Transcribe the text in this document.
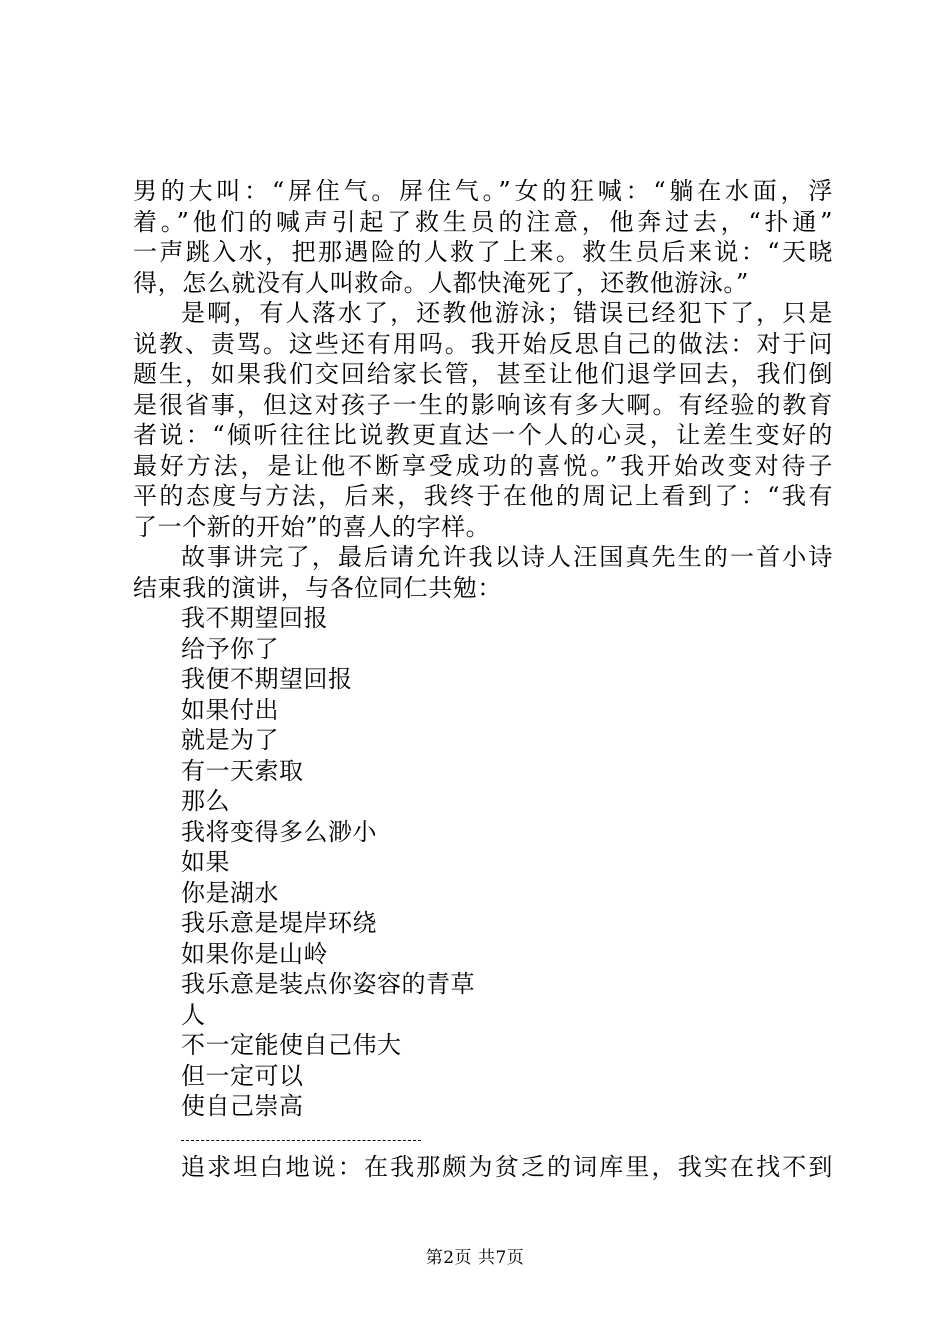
男的大叫：“屏住气。屏住气。”女的狂喊：“躺在水面，浮
着。”他们的喊声引起了救生员的注意，他奔过去，“扑通”
一声跳入水，把那遇险的人救了上来。救生员后来说：“天晓
得，怎么就没有人叫救命。人都快淹死了，还教他游泳。”
是啊，有人落水了，还教他游泳；错误已经犯下了，只是
说教、责骂。这些还有用吗。我开始反思自己的做法：对于问
题生，如果我们交回给家长管，甚至让他们退学回去，我们倒
是很省事，但这对孩子一生的影响该有多大啊。有经验的教育
者说：“倾听往往比说教更直达一个人的心灵，让差生变好的
最好方法，是让他不断享受成功的喜悦。”我开始改变对待子
平的态度与方法，后来，我终于在他的周记上看到了：“我有
了一个新的开始”的喜人的字样。
故事讲完了，最后请允许我以诗人汪国真先生的一首小诗
结束我的演讲，与各位同仁共勉：
我不期望回报
给予你了
我便不期望回报
如果付出
就是为了
有一天索取
那么
我将变得多么渺小
如果
你是湖水
我乐意是堤岸环绕
如果你是山岭
我乐意是装点你姿容的青草
人
不一定能使自己伟大
但一定可以
使自己崇高
追求坦白地说：在我那颇为贫乏的词库里，我实在找不到
第2页 共7页
